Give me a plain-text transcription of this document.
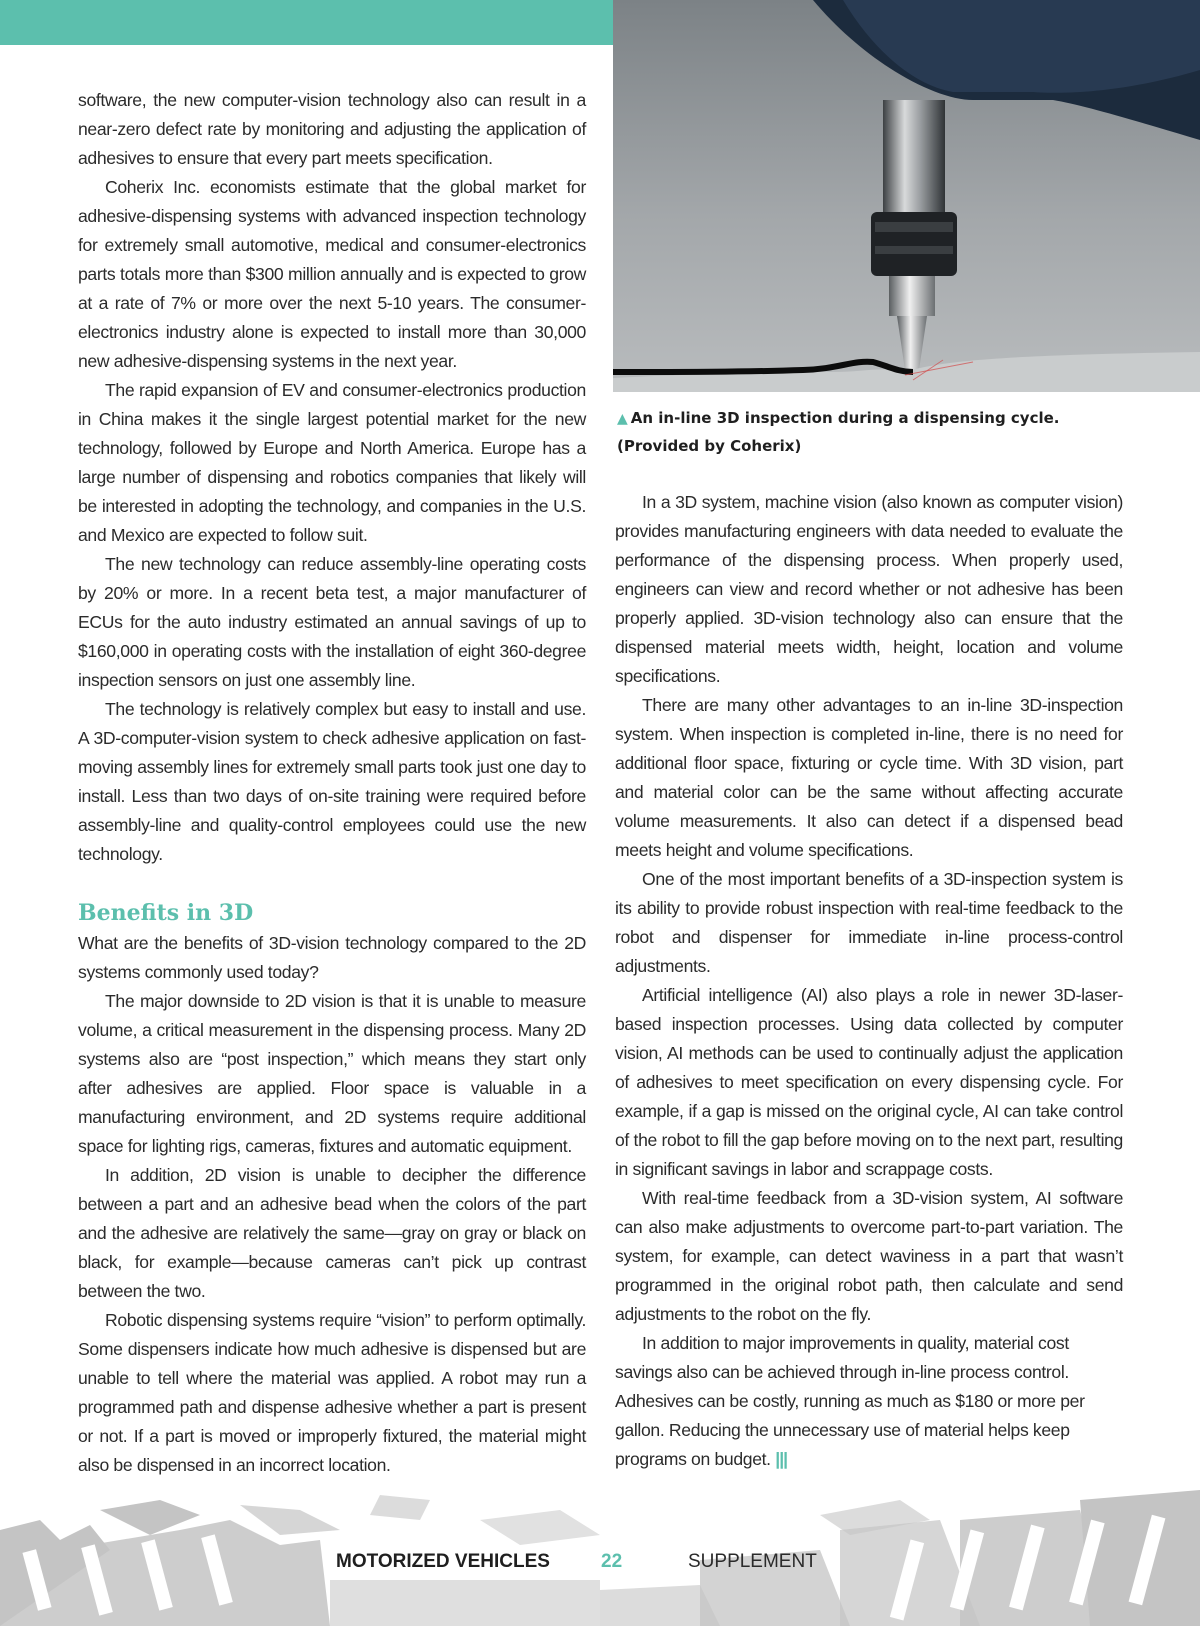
▲ An in-line 3D inspection during a dispensing cycle.
(Provided by Coherix)

software, the new computer-vision technology also can result in a near-zero defect rate by monitoring and adjusting the application of adhesives to ensure that every part meets specification.

Coherix Inc. economists estimate that the global market for adhesive-dispensing systems with advanced inspection technology for extremely small automotive, medical and consumer-electronics parts totals more than $300 million annually and is expected to grow at a rate of 7% or more over the next 5-10 years. The consumer-electronics industry alone is expected to install more than 30,000 new adhesive-dispensing systems in the next year.

The rapid expansion of EV and consumer-electronics production in China makes it the single largest potential market for the new technology, followed by Europe and North America. Europe has a large number of dispensing and robotics companies that likely will be interested in adopting the technology, and companies in the U.S. and Mexico are expected to follow suit.

The new technology can reduce assembly-line operating costs by 20% or more. In a recent beta test, a major manufacturer of ECUs for the auto industry estimated an annual savings of up to $160,000 in operating costs with the installation of eight 360-degree inspection sensors on just one assembly line.

The technology is relatively complex but easy to install and use. A 3D-computer-vision system to check adhesive application on fast-moving assembly lines for extremely small parts took just one day to install. Less than two days of on-site training were required before assembly-line and quality-control employees could use the new technology.

Benefits in 3D

What are the benefits of 3D-vision technology compared to the 2D systems commonly used today?

The major downside to 2D vision is that it is unable to measure volume, a critical measurement in the dispensing process. Many 2D systems also are “post inspection,” which means they start only after adhesives are applied. Floor space is valuable in a manufacturing environment, and 2D systems require additional space for lighting rigs, cameras, fixtures and automatic equipment.

In addition, 2D vision is unable to decipher the difference between a part and an adhesive bead when the colors of the part and the adhesive are relatively the same—gray on gray or black on black, for example—because cameras can’t pick up contrast between the two.

Robotic dispensing systems require “vision” to perform optimally. Some dispensers indicate how much adhesive is dispensed but are unable to tell where the material was applied. A robot may run a programmed path and dispense adhesive whether a part is present or not. If a part is moved or improperly fixtured, the material might also be dispensed in an incorrect location.

In a 3D system, machine vision (also known as computer vision) provides manufacturing engineers with data needed to evaluate the performance of the dispensing process. When properly used, engineers can view and record whether or not adhesive has been properly applied. 3D-vision technology also can ensure that the dispensed material meets width, height, location and volume specifications.

There are many other advantages to an in-line 3D-inspection system. When inspection is completed in-line, there is no need for additional floor space, fixturing or cycle time. With 3D vision, part and material color can be the same without affecting accurate volume measurements. It also can detect if a dispensed bead meets height and volume specifications.

One of the most important benefits of a 3D-inspection system is its ability to provide robust inspection with real-time feedback to the robot and dispenser for immediate in-line process-control adjustments.

Artificial intelligence (AI) also plays a role in newer 3D-laser-based inspection processes. Using data collected by computer vision, AI methods can be used to continually adjust the application of adhesives to meet specification on every dispensing cycle. For example, if a gap is missed on the original cycle, AI can take control of the robot to fill the gap before moving on to the next part, resulting in significant savings in labor and scrappage costs.

With real-time feedback from a 3D-vision system, AI software can also make adjustments to overcome part-to-part variation. The system, for example, can detect waviness in a part that wasn’t programmed in the original robot path, then calculate and send adjustments to the robot on the fly.

In addition to major improvements in quality, material cost savings also can be achieved through in-line process control. Adhesives can be costly, running as much as $180 or more per gallon. Reducing the unnecessary use of material helps keep programs on budget. |||

MOTORIZED VEHICLES	22	SUPPLEMENT
